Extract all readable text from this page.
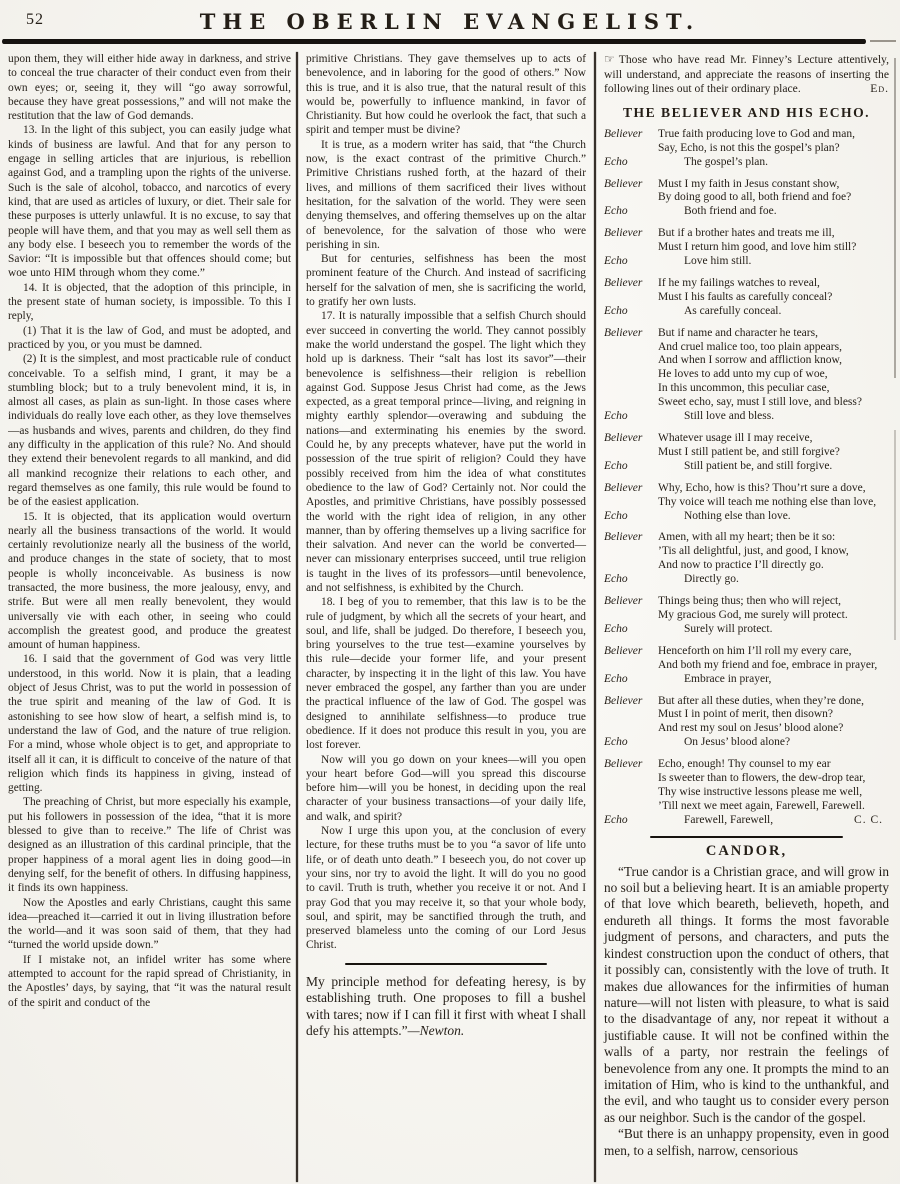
52	THE OBERLIN EVANGELIST.

upon them, they will either hide away in darkness, and strive to conceal the true character of their conduct even from their own eyes; or, seeing it, they will “go away sorrowful, because they have great possessions,” and will not make the restitution that the law of God demands.

13. In the light of this subject, you can easily judge what kinds of business are lawful. And that for any person to engage in selling articles that are injurious, is rebellion against God, and a trampling upon the rights of the universe. Such is the sale of alcohol, tobacco, and narcotics of every kind, that are used as articles of luxury, or diet. Their sale for these purposes is utterly unlawful. It is no excuse, to say that people will have them, and that you may as well sell them as any body else. I beseech you to remember the words of the Savior: “It is impossible but that offences should come; but woe unto HIM through whom they come.”

14. It is objected, that the adoption of this principle, in the present state of human society, is impossible. To this I reply,

(1) That it is the law of God, and must be adopted, and practiced by you, or you must be damned.

(2) It is the simplest, and most practicable rule of conduct conceivable. To a selfish mind, I grant, it may be a stumbling block; but to a truly benevolent mind, it is, in almost all cases, as plain as sun-light. In those cases where individuals do really love each other, as they love themselves—as husbands and wives, parents and children, do they find any difficulty in the application of this rule? No. And should they extend their benevolent regards to all mankind, and did all mankind recognize their relations to each other, and regard themselves as one family, this rule would be found to be of the easiest application.

15. It is objected, that its application would overturn nearly all the business transactions of the world. It would certainly revolutionize nearly all the business of the world, and produce changes in the state of society, that to most people is wholly inconceivable. As business is now transacted, the more business, the more jealousy, envy, and strife. But were all men really benevolent, they would universally vie with each other, in seeing who could accomplish the greatest good, and produce the greatest amount of human happiness.

16. I said that the government of God was very little understood, in this world. Now it is plain, that a leading object of Jesus Christ, was to put the world in possession of the true spirit and meaning of the law of God. It is astonishing to see how slow of heart, a selfish mind is, to understand the law of God, and the nature of true religion. For a mind, whose whole object is to get, and appropriate to itself all it can, it is difficult to conceive of the nature of that religion which finds its happiness in giving, instead of getting.

The preaching of Christ, but more especially his example, put his followers in possession of the idea, “that it is more blessed to give than to receive.” The life of Christ was designed as an illustration of this cardinal principle, that the proper happiness of a moral agent lies in doing good—in denying self, for the benefit of others. In diffusing happiness, it finds its own happiness.

Now the Apostles and early Christians, caught this same idea—preached it—carried it out in living illustration before the world—and it was soon said of them, that they had “turned the world upside down.”

If I mistake not, an infidel writer has some where attempted to account for the rapid spread of Christianity, in the Apostles’ days, by saying, that “it was the natural result of the spirit and conduct of the

primitive Christians. They gave themselves up to acts of benevolence, and in laboring for the good of others.” Now this is true, and it is also true, that the natural result of this would be, powerfully to influence mankind, in favor of Christianity. But how could he overlook the fact, that such a spirit and temper must be divine?

It is true, as a modern writer has said, that “the Church now, is the exact contrast of the primitive Church.” Primitive Christians rushed forth, at the hazard of their lives, and millions of them sacrificed their lives without hesitation, for the salvation of the world. They were seen denying themselves, and offering themselves up on the altar of benevolence, for the salvation of those who were perishing in sin.

But for centuries, selfishness has been the most prominent feature of the Church. And instead of sacrificing herself for the salvation of men, she is sacrificing the world, to gratify her own lusts.

17. It is naturally impossible that a selfish Church should ever succeed in converting the world. They cannot possibly make the world understand the gospel. The light which they hold up is darkness. Their “salt has lost its savor”—their benevolence is selfishness—their religion is rebellion against God. Suppose Jesus Christ had come, as the Jews expected, as a great temporal prince—living, and reigning in mighty earthly splendor—overawing and subduing the nations—and exterminating his enemies by the sword. Could he, by any precepts whatever, have put the world in possession of the true spirit of religion? Could they have possibly received from him the idea of what constitutes obedience to the law of God? Certainly not. Nor could the Apostles, and primitive Christians, have possibly possessed the world with the right idea of religion, in any other manner, than by offering themselves up a living sacrifice for their salvation. And never can the world be converted—never can missionary enterprises succeed, until true religion is taught in the lives of its professors—until benevolence, and not selfishness, is exhibited by the Church.

18. I beg of you to remember, that this law is to be the rule of judgment, by which all the secrets of your heart, and soul, and life, shall be judged. Do therefore, I beseech you, bring yourselves to the true test—examine yourselves by this rule—decide your former life, and your present character, by inspecting it in the light of this law. You have never embraced the gospel, any farther than you are under the practical influence of the law of God. The gospel was designed to annihilate selfishness—to produce true obedience. If it does not produce this result in you, you are lost forever.

Now will you go down on your knees—will you open your heart before God—will you spread this discourse before him—will you be honest, in deciding upon the real character of your business transactions—of your daily life, and walk, and spirit?

Now I urge this upon you, at the conclusion of every lecture, for these truths must be to you “a savor of life unto life, or of death unto death.” I beseech you, do not cover up your sins, nor try to avoid the light. It will do you no good to cavil. Truth is truth, whether you receive it or not. And I pray God that you may receive it, so that your whole body, soul, and spirit, may be sanctified through the truth, and preserved blameless unto the coming of our Lord Jesus Christ.

My principle method for defeating heresy, is by establishing truth. One proposes to fill a bushel with tares; now if I can fill it first with wheat I shall defy his attempts.”—Newton.

☞ Those who have read Mr. Finney’s Lecture attentively, will understand, and appreciate the reasons of inserting the following lines out of their ordinary place.	Ed.

THE BELIEVER AND HIS ECHO.
Believer	True faith producing love to God and man,
Say, Echo, is not this the gospel’s plan?
Echo	The gospel’s plan.
Believer	Must I my faith in Jesus constant show,
By doing good to all, both friend and foe?
Echo	Both friend and foe.
Believer	But if a brother hates and treats me ill,
Must I return him good, and love him still?
Echo	Love him still.
Believer	If he my failings watches to reveal,
Must I his faults as carefully conceal?
Echo	As carefully conceal.
Believer	But if name and character he tears,
And cruel malice too, too plain appears,
And when I sorrow and affliction know,
He loves to add unto my cup of woe,
In this uncommon, this peculiar case,
Sweet echo, say, must I still love, and bless?
Echo	Still love and bless.
Believer	Whatever usage ill I may receive,
Must I still patient be, and still forgive?
Echo	Still patient be, and still forgive.
Believer	Why, Echo, how is this? Thou’rt sure a dove,
Thy voice will teach me nothing else than love,
Echo	Nothing else than love.
Believer	Amen, with all my heart; then be it so:
’Tis all delightful, just, and good, I know,
And now to practice I’ll directly go.
Echo	Directly go.
Believer	Things being thus; then who will reject,
My gracious God, me surely will protect.
Echo	Surely will protect.
Believer	Henceforth on him I’ll roll my every care,
And both my friend and foe, embrace in prayer,
Echo	Embrace in prayer,
Believer	But after all these duties, when they’re done,
Must I in point of merit, then disown?
And rest my soul on Jesus’ blood alone?
Echo	On Jesus’ blood alone?
Believer	Echo, enough! Thy counsel to my ear
Is sweeter than to flowers, the dew-drop tear,
Thy wise instructive lessons please me well,
’Till next we meet again, Farewell, Farewell.
Echo	Farewell, Farewell,	C. C.
CANDOR,

“True candor is a Christian grace, and will grow in no soil but a believing heart. It is an amiable property of that love which beareth, believeth, hopeth, and endureth all things. It forms the most favorable judgment of persons, and characters, and puts the kindest construction upon the conduct of others, that it possibly can, consistently with the love of truth. It makes due allowances for the infirmities of human nature—will not listen with pleasure, to what is said to the disadvantage of any, nor repeat it without a justifiable cause. It will not be confined within the walls of a party, nor restrain the feelings of benevolence from any one. It prompts the mind to an imitation of Him, who is kind to the unthankful, and the evil, and who taught us to consider every person as our neighbor. Such is the candor of the gospel.

“But there is an unhappy propensity, even in good men, to a selfish, narrow, censorious
